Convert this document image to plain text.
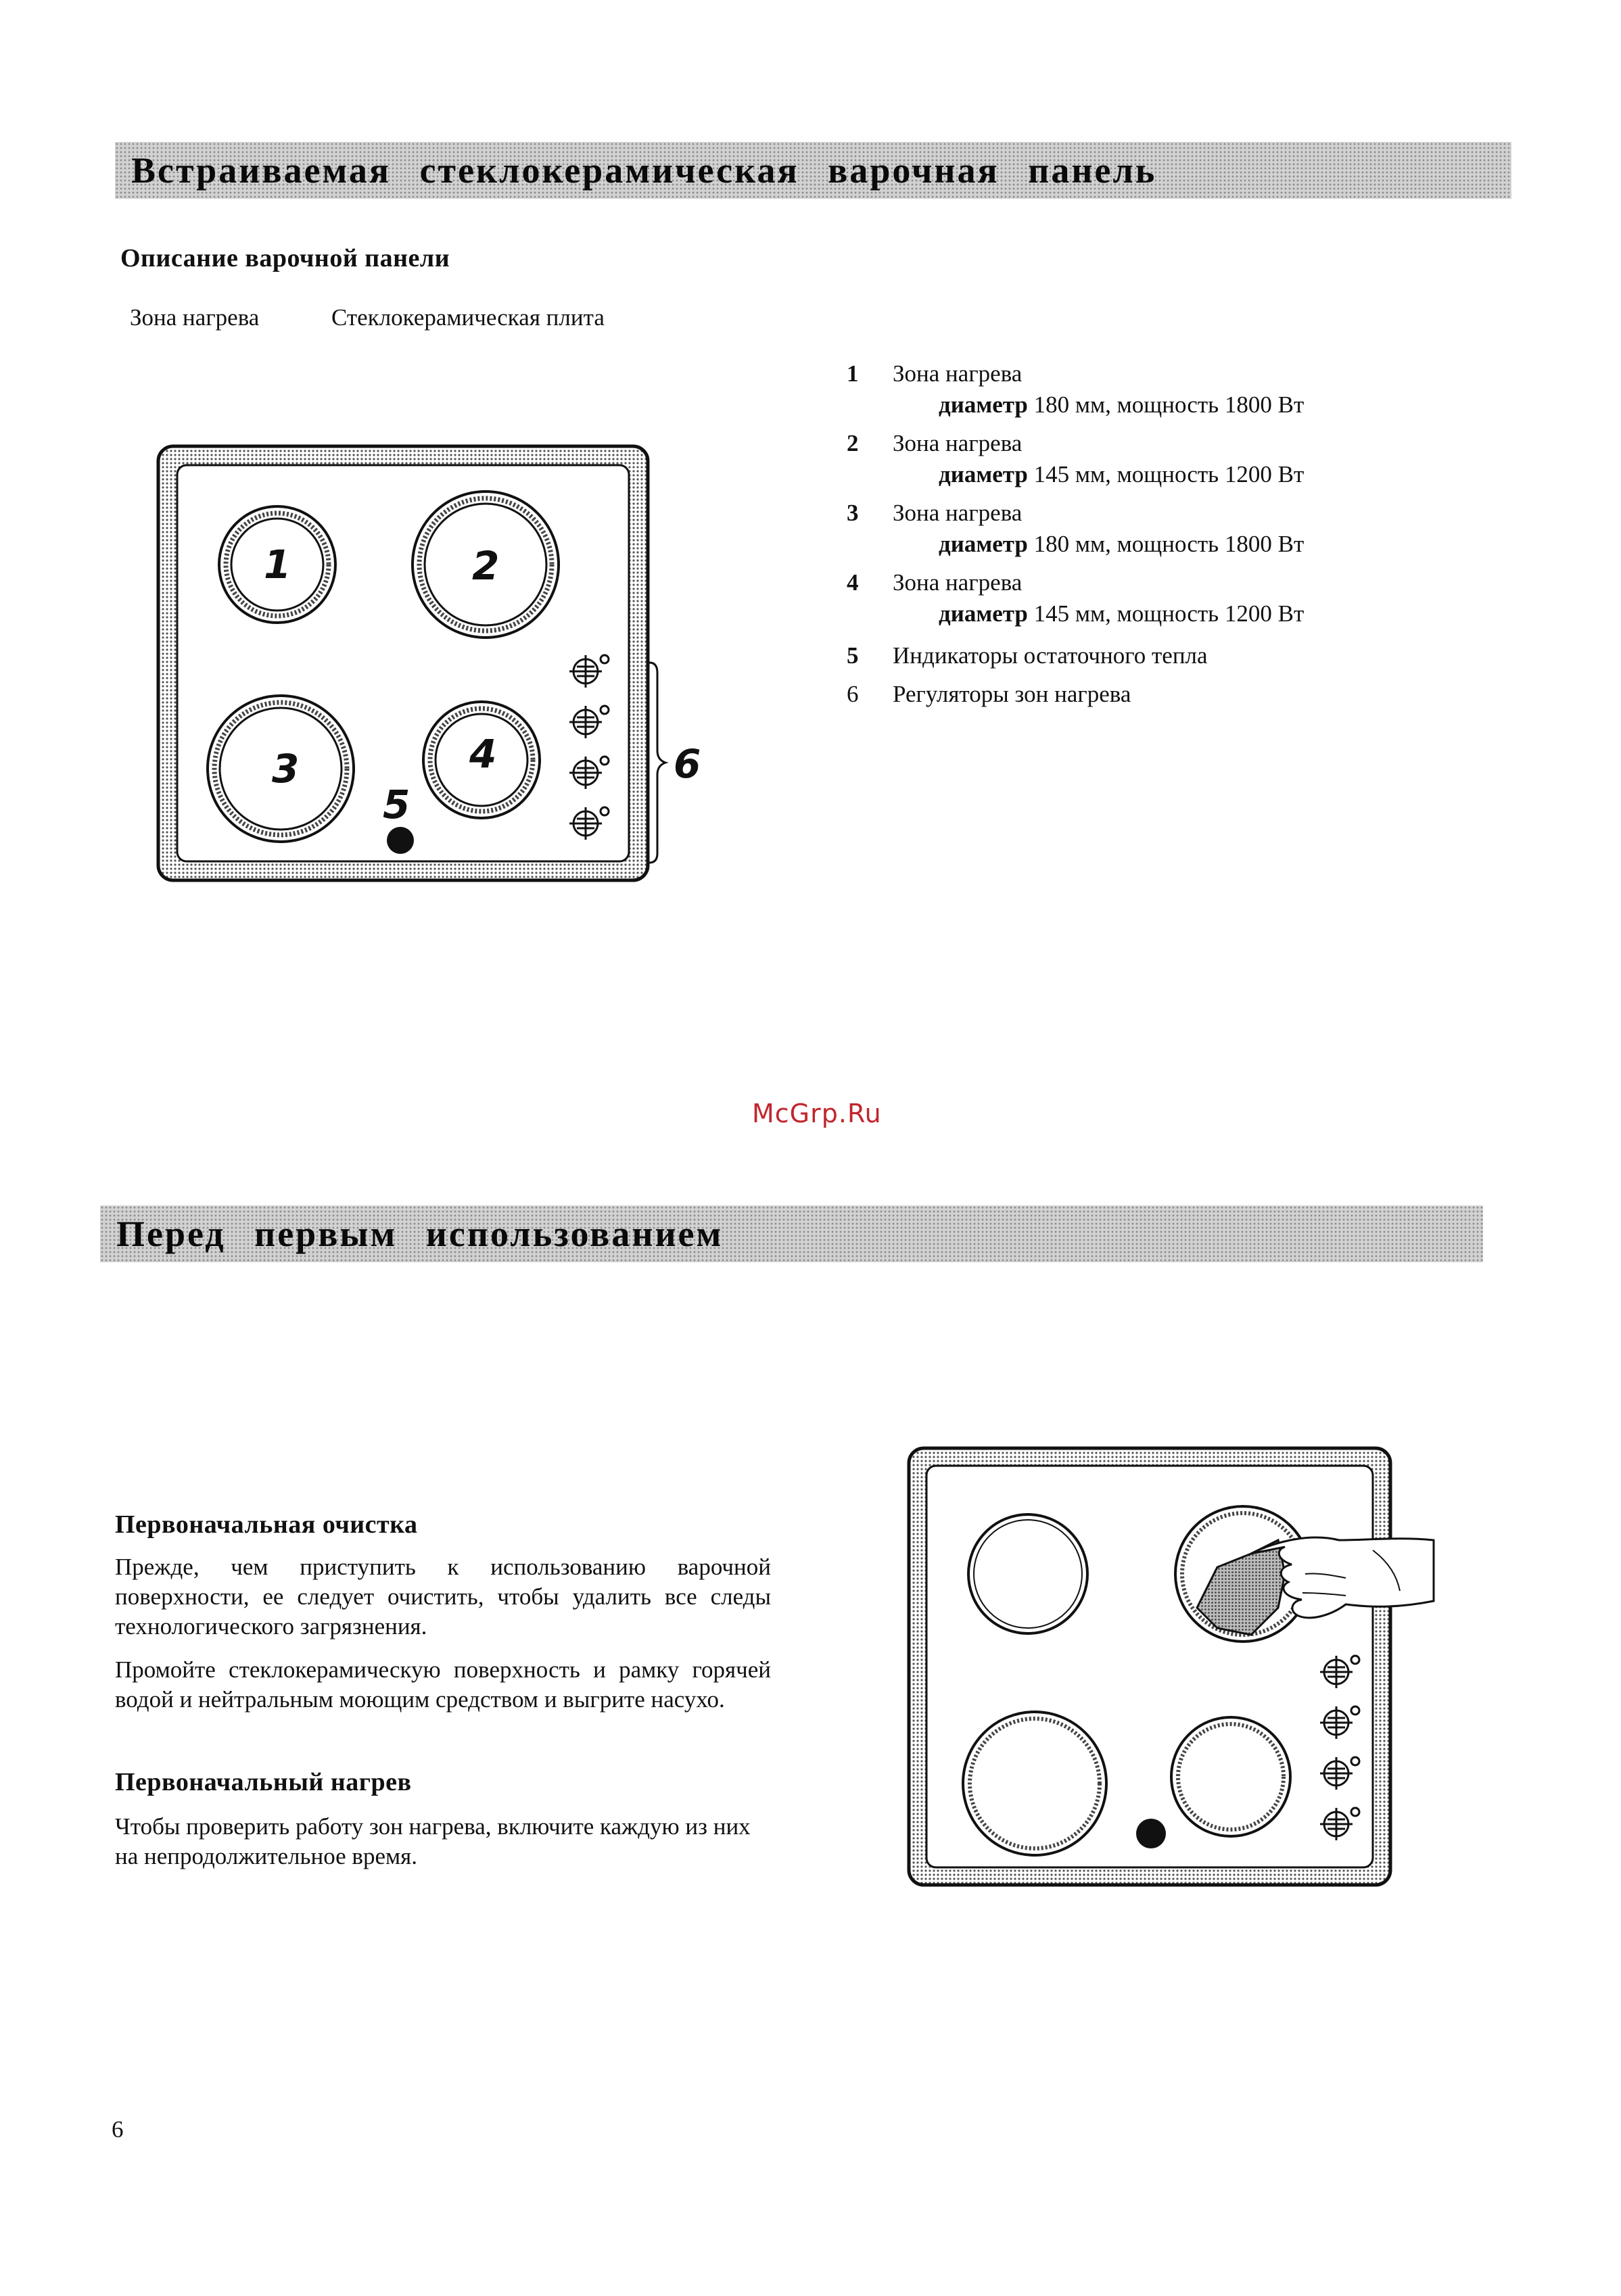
Встраиваемая стеклокерамическая варочная панель
Описание варочной панели
Зона нагрева	Стеклокерамическая плита
1	2
3	4
5
6
1 Зона нагрева
диаметр 180 мм, мощность 1800 Вт
2 Зона нагрева
диаметр 145 мм, мощность 1200 Вт
3 Зона нагрева
диаметр 180 мм, мощность 1800 Вт
4 Зона нагрева
диаметр 145 мм, мощность 1200 Вт
5 Индикаторы остаточного тепла
6 Регуляторы зон нагрева
McGrp.Ru
Перед первым использованием
Первоначальная очистка
Прежде, чем приступить к использованию варочной поверхности, ее следует очистить, чтобы удалить все следы технологического загрязнения.
Промойте стеклокерамическую поверхность и рамку горячей водой и нейтральным моющим средством и выгрите насухо.
Первоначальный нагрев
Чтобы проверить работу зон нагрева, включите каждую из них на непродолжительное время.
6
